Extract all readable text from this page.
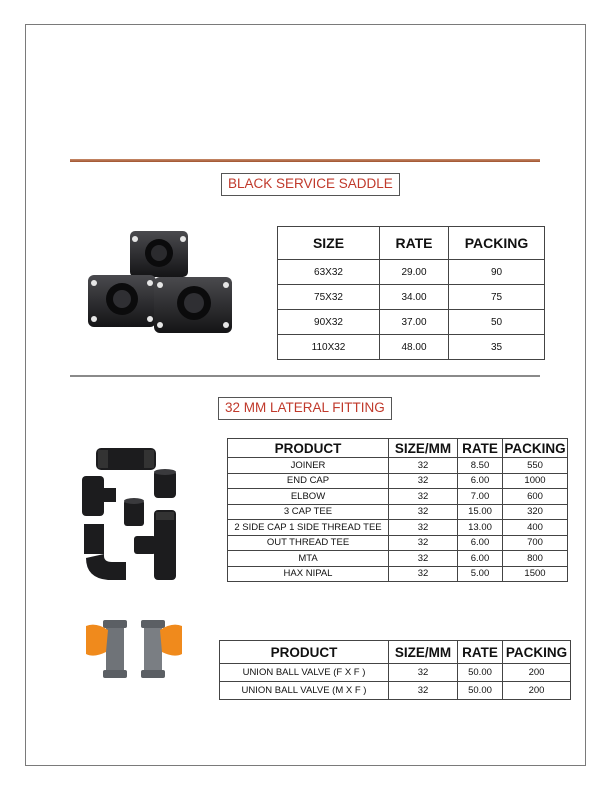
BLACK SERVICE SADDLE
SIZE	RATE	PACKING
63X32	29.00	90
75X32	34.00	75
90X32	37.00	50
110X32	48.00	35
32 MM LATERAL FITTING
PRODUCT	SIZE/MM	RATE	PACKING
JOINER	32	8.50	550
END CAP	32	6.00	1000
ELBOW	32	7.00	600
3 CAP TEE	32	15.00	320
2 SIDE CAP 1 SIDE THREAD TEE	32	13.00	400
OUT THREAD TEE	32	6.00	700
MTA	32	6.00	800
HAX NIPAL	32	5.00	1500
PRODUCT	SIZE/MM	RATE	PACKING
UNION BALL VALVE (F X F )	32	50.00	200
UNION BALL VALVE (M X F )	32	50.00	200
